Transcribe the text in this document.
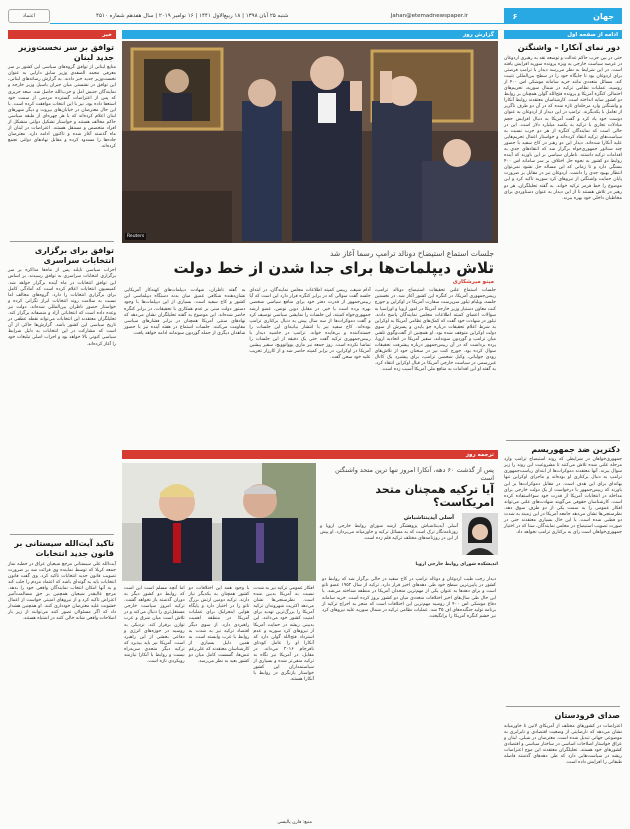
جهان
۶
Jahan@etemadnewspaper.ir
شنبه ۲۵ آبان ۱۳۹۸ | ۱۸ ربیع‌الاول ۱۴۴۱ | ۱۶ نوامبر ۲۰۱۹ | سال هفدهم شماره ۴۵۱۰
اعتماد
ادامه از صفحه اول
دور نمای آنکارا – واشنگتن
حتی در بین حزب حاکم عدالت و توسعه نقد به رهبری اردوغان در عرصه سیاست خارجی به ویژه پرونده سوریه افزایش یافته است. در این شرایط به نظر می‌رسد دیدار با ترامپ فرصتی برای اردوغان بود تا جایگاه خود را در سطح بین‌المللی تثبیت کند. مسائل متعددی مانند خرید سامانه موشکی اس ۴۰۰ از روسیه، عملیات نظامی ترکیه در شمال سوریه، تحریم‌های احتمالی کنگره آمریکا و پرونده فتح‌الله گولن همچنان بر روابط دو کشور سایه انداخته است. کارشناسان معتقدند روابط آنکارا و واشنگتن وارد مرحله‌ای تازه شده که در آن دو طرف ناگزیر از تعامل با یکدیگرند. ترامپ در این دیدار از اردوغان به عنوان دوست خود یاد کرد و گفت آمریکا به دنبال افزایش حجم مبادلات تجاری با ترکیه به یکصد میلیارد دلار است. این در حالی است که نمایندگان کنگره از هر دو حزب نسبت به سیاست‌های ترکیه انتقاد کرده‌اند و خواستار اعمال تحریم‌هایی علیه آنکارا شده‌اند. دیدار این دو رهبر در کاخ سفید با حضور چند سناتور جمهوری‌خواه برگزار شد که انتقادهای جدی به اقدامات ترکیه داشتند. ناظران سیاسی بر این باورند که آینده روابط دو کشور به نحوه حل اختلاف بر سر سامانه اس ۴۰۰ بستگی دارد و تا زمانی که این مساله حل نشود نمی‌توان انتظار بهبود جدی را داشت. اردوغان نیز در مقابل بر ضرورت پایان حمایت واشنگتن از نیروهای کرد سوریه تاکید کرد و این موضوع را خط قرمز ترکیه خواند. به گفته تحلیلگران، هر دو رهبر در تلاش هستند تا از این دیدار به عنوان دستاوردی برای مخاطبان داخلی خود بهره ببرند.
دکترین ضد جمهوریسم
جمهوری‌خواهان در شرایطی که روند استیضاح ترامپ وارد مرحله علنی شده تلاش می‌کنند تا مشروعیت این روند را زیر سوال ببرند. آنها معتقدند دموکرات‌ها از ابتدای ریاست‌جمهوری ترامپ به دنبال برکناری او بوده‌اند و ماجرای اوکراین تنها بهانه‌ای برای این هدف است. در مقابل دموکرات‌ها بر این باورند که رییس‌جمهور با درخواست از یک دولت خارجی برای مداخله در انتخابات آمریکا از قدرت خود سوءاستفاده کرده است. کارشناسان حقوقی می‌گویند شهادت‌های علنی می‌تواند افکار عمومی را به سمت یکی از دو طرف سوق دهد. نظرسنجی‌ها نشان می‌دهد جامعه آمریکا در این زمینه به شدت دو قطبی شده است. با این حال بسیاری معتقدند حتی در صورت تصویب استیضاح در مجلس نمایندگان، سنا که در اختیار جمهوری‌خواهان است رای به برکناری ترامپ نخواهد داد.
صدای فرودستان
اعتراضات در کشورهای مختلف از آمریکای لاتین تا خاورمیانه نشان می‌دهد که نارضایتی از وضعیت اقتصادی و نابرابری به موضوعی جهانی تبدیل شده است. معترضان در شیلی، لبنان و عراق خواستار اصلاحات اساسی در ساختار سیاسی و اقتصادی کشورهای خود هستند. تحلیلگران معتقدند این موج اعتراضات ریشه در سیاست‌هایی دارد که طی دهه‌های گذشته فاصله طبقاتی را افزایش داده است.
گزارش روز
Reuters
جلسات استماع استیضاح دونالد ترامپ رسما آغاز شد
تلاش دیپلمات‌ها برای جدا شدن از خط دولت
مینو میرشکاری
جلسات استماع علنی تحقیقات استیضاح دونالد ترامپ، رییس‌جمهوری آمریکا، در کنگره این کشور آغاز شد. در نخستین جلسه، ویلیام تیلور سرپرست سفارت آمریکا در اوکراین و جورج کنت معاون دستیار وزیر خارجه آمریکا در امور اروپا و اوراسیا به سوالات اعضای کمیته اطلاعات مجلس نمایندگان پاسخ دادند. تیلور در شهادت خود گفت که کمک‌های نظامی آمریکا به اوکراین به شرط اعلام تحقیقات درباره جو بایدن و پسرش از سوی دولت اوکراین متوقف شده بود. او همچنین از گفت‌وگوی تلفنی میان ترامپ و گوردون سوندلند، سفیر آمریکا در اتحادیه اروپا، پرده برداشت که در آن رییس‌جمهور درباره پیشرفت تحقیقات سوال کرده بود. جورج کنت نیز در سخنان خود از تلاش‌های رودی جولیانی، وکیل شخصی ترامپ، برای پیشبرد یک کانال غیررسمی در سیاست خارجی آمریکا در قبال اوکراین انتقاد کرد. به گفته او این اقدامات به منافع ملی آمریکا آسیب زده است.
آدام شیف، رییس کمیته اطلاعات مجلس نمایندگان، در ابتدای جلسه گفت سوالی که در برابر کنگره قرار دارد این است که آیا رییس‌جمهور از قدرت دفتر خود برای منافع سیاسی شخصی بهره برده است یا خیر. در مقابل دوین نونس، عضو ارشد جمهوری‌خواه کمیته، این جلسات را نمایشی سیاسی توصیف کرد و گفت دموکرات‌ها از سه سال پیش به دنبال برکناری ترامپ بوده‌اند. کاخ سفید نیز با انتشار بیانیه‌ای این جلسات را خسته‌کننده و بی‌فایده خواند. ترامپ در حاشیه دیدار با رییس‌جمهوری ترکیه گفت حتی یک دقیقه از این جلسات را تماشا نکرده است. روز جمعه نیز ماری یووانوویچ، سفیر پیشین آمریکا در اوکراین، در برابر کمیته حاضر شد و از کارزار تخریب علیه خود سخن گفت.
به گفته ناظران، شهادت دیپلمات‌های کهنه‌کار آمریکایی نشان‌دهنده شکافی عمیق میان بدنه دستگاه دیپلماسی این کشور و کاخ سفید است. بسیاری از این دیپلمات‌ها با وجود دستور دولت مبنی بر عدم همکاری با تحقیقات، در برابر کنگره حاضر شده‌اند. این موضوع به گفته تحلیلگران نشان می‌دهد که نهادهای سنتی آمریکا همچنان در برابر فشارهای سیاسی مقاومت می‌کنند. جلسات استماع در هفته آینده نیز با حضور شاهدان دیگری از جمله گوردون سوندلند ادامه خواهد یافت.
ترجمه روز
پس از گذشت ۶۰ دهه، آنکارا امروز تنها‌ ترین متحد واشنگتن است
آیا ترکیه همچنان متحد امریکاست؟
آسلی آیدینتاشباش
آسلی آیدینتاشباش پژوهشگر ارشد شورای روابط خارجی اروپا و روزنامه‌نگار ترک است که به مسائل ترکیه و خاورمیانه می‌پردازد. او پیش از این در روزنامه‌های مختلف ترکیه قلم زده است.
اندیشکده شورای روابط خارجی اروپا
دیدار رجب طیب اردوغان و دونالد ترامپ در کاخ سفید در حالی برگزار شد که روابط دو کشور در پایین‌ترین سطح خود طی دهه‌های اخیر قرار دارد. ترکیه از سال ۱۹۵۲ عضو ناتو است و برای دهه‌ها به عنوان یکی از مهم‌ترین متحدان آمریکا در منطقه شناخته می‌شد. با این حال طی سال‌های اخیر اختلافات متعددی میان دو کشور بروز کرده است. خرید سامانه دفاع موشکی اس ۴۰۰ از روسیه مهم‌ترین این اختلافات است که منجر به اخراج ترکیه از برنامه تولید جنگنده‌های اف ۳۵ شد. عملیات نظامی ترکیه در شمال سوریه علیه نیروهای کرد نیز خشم کنگره آمریکا را برانگیخت.
افکار عمومی ترکیه نیز به شدت نسبت به آمریکا بدبین شده است. نظرسنجی‌ها نشان می‌دهد اکثریت شهروندان ترکیه آمریکا را بزرگ‌ترین تهدید برای امنیت کشور خود می‌دانند. این بدبینی ریشه در حمایت آمریکا از نیروهای کرد سوریه و عدم استرداد فتح‌الله گولن دارد که آنکارا او را عامل کودتای نافرجام ۲۰۱۶ می‌داند. در مقابل، در آمریکا نیز نگاه به ترکیه منفی‌تر شده و بسیاری از سیاستمداران این کشور خواستار بازنگری در روابط با آنکارا هستند.
با وجود همه این اختلافات، دو کشور همچنان به یکدیگر نیاز دارند. ترکیه دومین ارتش بزرگ ناتو را در اختیار دارد و پایگاه هوایی اینجرلیک برای عملیات آمریکا در منطقه اهمیت راهبردی دارد. از سوی دیگر اقتصاد ترکیه نیز به شدت به روابط با غرب وابسته است. به همین دلیل بسیاری از کارشناسان معتقدند که علی‌رغم تنش‌ها، گسست کامل میان دو کشور بعید به نظر می‌رسد.
اما آنچه مسلم است این است که روابط دو کشور دیگر به دوران گذشته باز نخواهد گشت. ترکیه امروز سیاست خارجی مستقل‌تری را دنبال می‌کند و در تلاش است میان شرق و غرب توازن برقرار کند. نزدیکی به روسیه در حوزه‌های انرژی و دفاعی بخشی از این راهبرد است. آمریکا نیز باید بپذیرد که ترکیه دیگر متحدی سربه‌راه نیست و روابط با آنکارا نیازمند رویکردی تازه است.
منبع: فارن پالیسی
خبر
توافق بر سر نخست‌وزیر جدید لبنان
منابع لبنانی از توافق گروه‌های سیاسی این کشور بر سر معرفی محمد الصفدی وزیر سابق دارایی به عنوان نخست‌وزیر جدید خبر دادند. به گزارش رسانه‌های لبنانی، این توافق در نشستی میان جبران باسیل وزیر خارجه و نمایندگان جنبش امل و حزب‌الله حاصل شد. سعد حریری که پس از اعتراضات گسترده مردمی از سمت خود استعفا داده بود، نیز با این انتخاب موافقت کرده است. با این حال معترضان در خیابان‌های بیروت و دیگر شهرهای لبنان اعلام کرده‌اند که با هر چهره‌ای از طبقه سیاسی حاکم مخالف هستند و خواستار تشکیل دولتی متشکل از افراد متخصص و مستقل هستند. اعتراضات در لبنان از ماه گذشته آغاز شده و تاکنون ادامه دارد. معترضان جاده‌ها را مسدود کرده و مقابل نهادهای دولتی تجمع کرده‌اند.
توافق برای برگزاری انتخابات سراسری
احزاب سیاسی تایلند پس از ماه‌ها مذاکره بر سر برگزاری انتخابات سراسری به توافق رسیدند. بر اساس این توافق انتخابات در ماه آینده برگزار خواهد شد. کمیسیون انتخابات اعلام کرده است که آمادگی کامل برای برگزاری انتخابات را دارد. گروه‌های مخالف اما نسبت به سلامت روند انتخابات ابراز نگرانی کرده و خواستار حضور ناظران بین‌المللی شده‌اند. دولت نیز وعده داده است که انتخاباتی آزاد و منصفانه برگزار کند. تحلیلگران معتقدند این انتخابات می‌تواند نقطه عطفی در تاریخ سیاسی این کشور باشد. گزارش‌ها حاکی از آن است که مشارکت در این انتخابات به دلیل شرایط سیاسی کنونی بالا خواهد بود و احزاب اصلی تبلیغات خود را آغاز کرده‌اند.
تاکید آیت‌الله سیستانی بر قانون جدید انتخابات
آیت‌الله علی سیستانی مرجع شیعیان عراق در خطبه نماز جمعه کربلا که توسط نماینده وی قرائت شد بر ضرورت تصویب قانون جدید انتخابات تاکید کرد. وی گفت قانون انتخابات باید به گونه‌ای باشد که اعتماد مردم را جلب کند و به آنها امکان انتخاب نمایندگان واقعی خود را بدهد. مرجع عالیقدر شیعیان همچنین بر حق مسالمت‌آمیز اعتراض تاکید کرد و از نیروهای امنیتی خواست از اعمال خشونت علیه معترضان خودداری کنند. او همچنین هشدار داد که اگر مسئولان تصور کنند می‌توانند از زیر بار اصلاحات واقعی شانه خالی کنند در اشتباه هستند.
